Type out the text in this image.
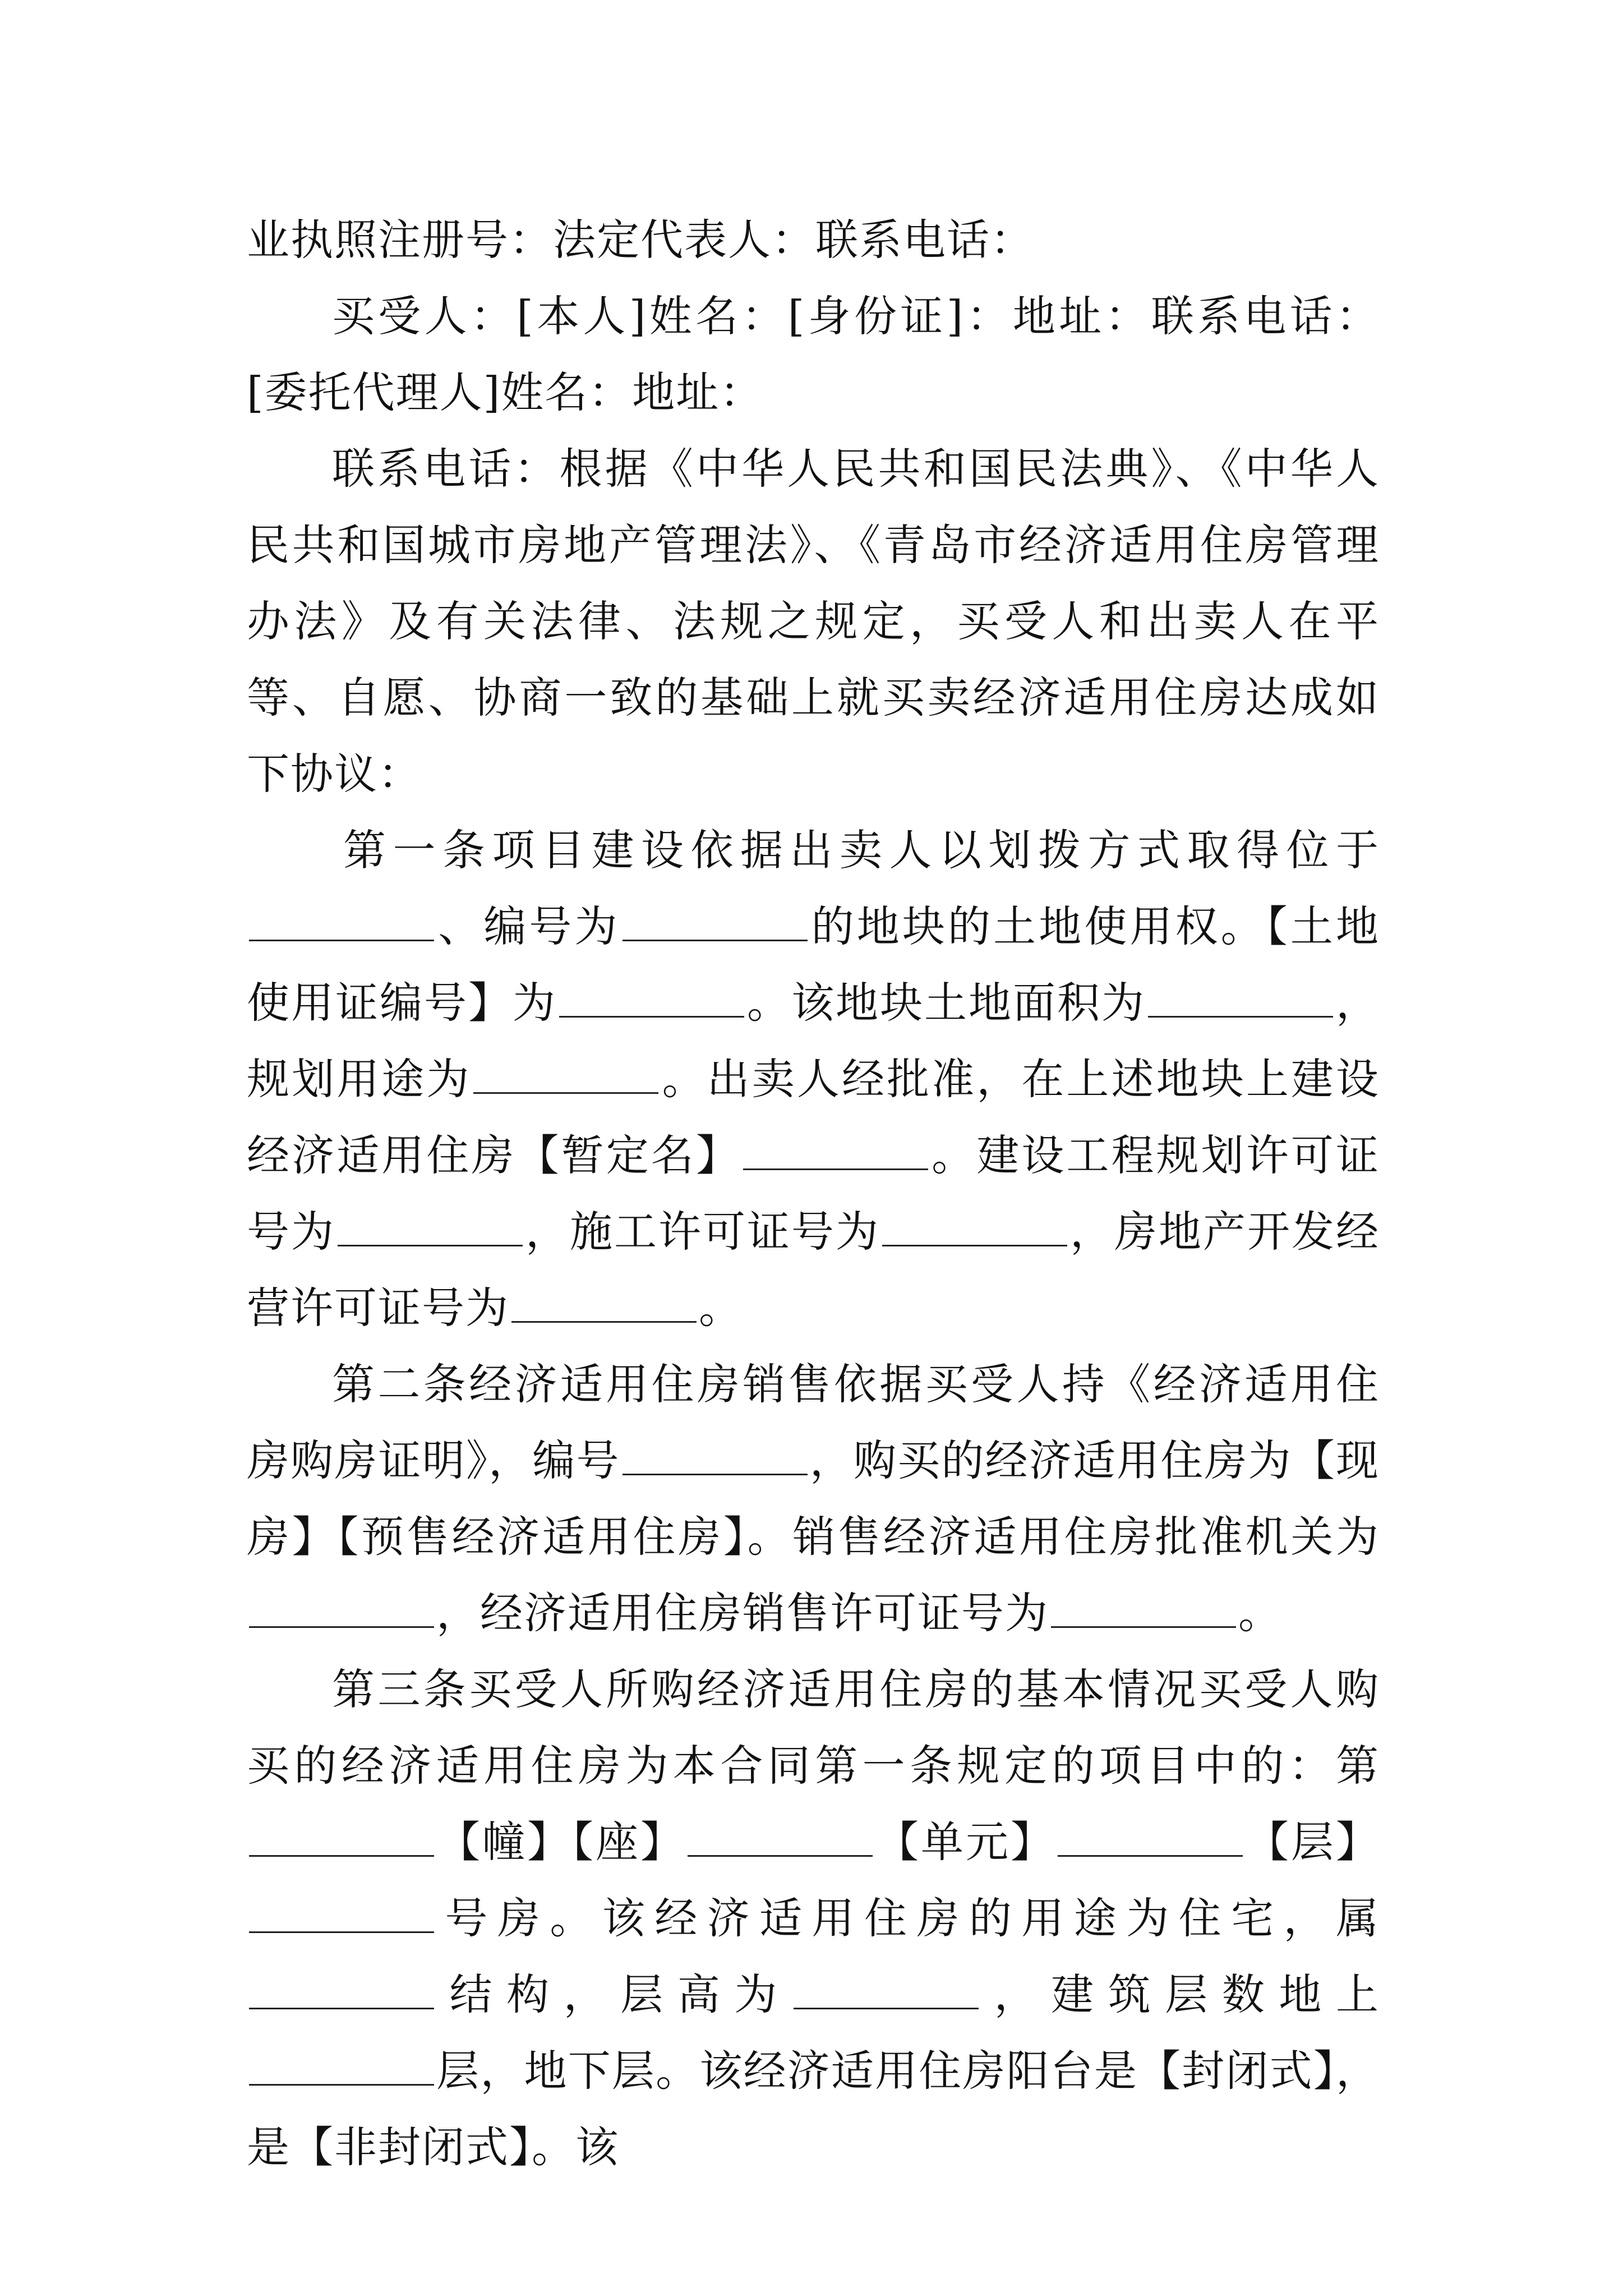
业执照注册号：法定代表人：联系电话：

买受人：[本人]姓名：[身份证]：地址：联系电话：[委托代理人]姓名：地址：

联系电话：根据《中华人民共和国民法典》、《中华人民共和国城市房地产管理法》、《青岛市经济适用住房管理办法》及有关法律、法规之规定，买受人和出卖人在平等、自愿、协商一致的基础上就买卖经济适用住房达成如下协议：

第一条项目建设依据出卖人以划拨方式取得位于、编号为	的地块的土地使用权。【土地使用证编号】为	。该地块土地面积为	，规划用途为	。出卖人经批准，在上述地块上建设经济适用住房【暂定名】	。建设工程规划许可证号为	，施工许可证号为	，房地产开发经营许可证号为	。

第二条经济适用住房销售依据买受人持《经济适用住房购房证明》，编号	，购买的经济适用住房为【现房】【预售经济适用住房】。销售经济适用住房批准机关为，经济适用住房销售许可证号为	。

第三条买受人所购经济适用住房的基本情况买受人购买的经济适用住房为本合同第一条规定的项目中的：第【幢】【座】	【单元】	【层】号房。该经济适用住房的用途为住宅，属结构，层高为	，建筑层数地上层，地下层。该经济适用住房阳台是【封闭式】，是【非封闭式】。该
